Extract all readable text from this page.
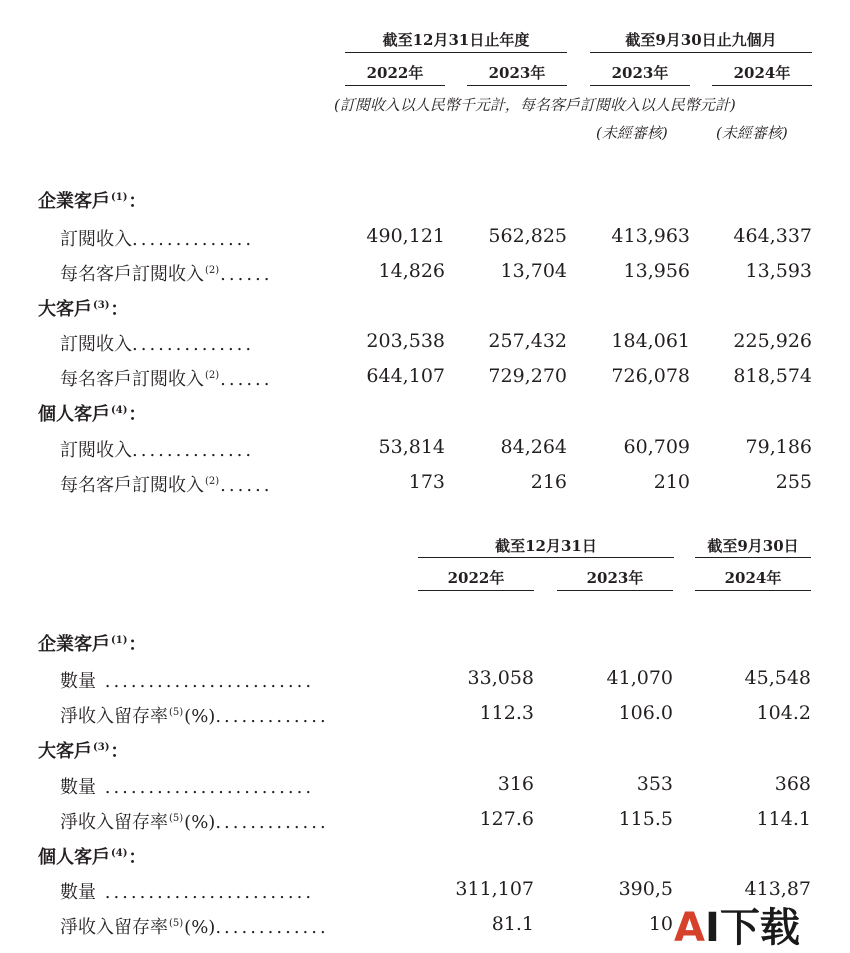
截至12月31日止年度	截至9月30日止九個月
2022年	2023年	2023年	2024年
(訂閱收入以人民幣千元計，每名客戶訂閱收入以人民幣元計)
(未經審核)	(未經審核)
企業客戶$^{(1)}$：
訂閱收入..............	490,121	562,825	413,963	464,337
每名客戶訂閱收入$^{(2)}$......	14,826	13,704	13,956	13,593
大客戶$^{(3)}$：
訂閱收入..............	203,538	257,432	184,061	225,926
每名客戶訂閱收入$^{(2)}$......	644,107	729,270	726,078	818,574
個人客戶$^{(4)}$：
訂閱收入..............	53,814	84,264	60,709	79,186
每名客戶訂閱收入$^{(2)}$......	173	216	210	255
截至12月31日	截至9月30日
2022年	2023年	2024年
企業客戶$^{(1)}$：
數量 ........................	33,058	41,070	45,548
淨收入留存率$^{(5)}$(%).............	112.3	106.0	104.2
大客戶$^{(3)}$：
數量 ........................	316	353	368
淨收入留存率$^{(5)}$(%).............	127.6	115.5	114.1
個人客戶$^{(4)}$：
數量 ........................	311,107	390,5	413,87
淨收入留存率$^{(5)}$(%).............	81.1	10 AI下载
